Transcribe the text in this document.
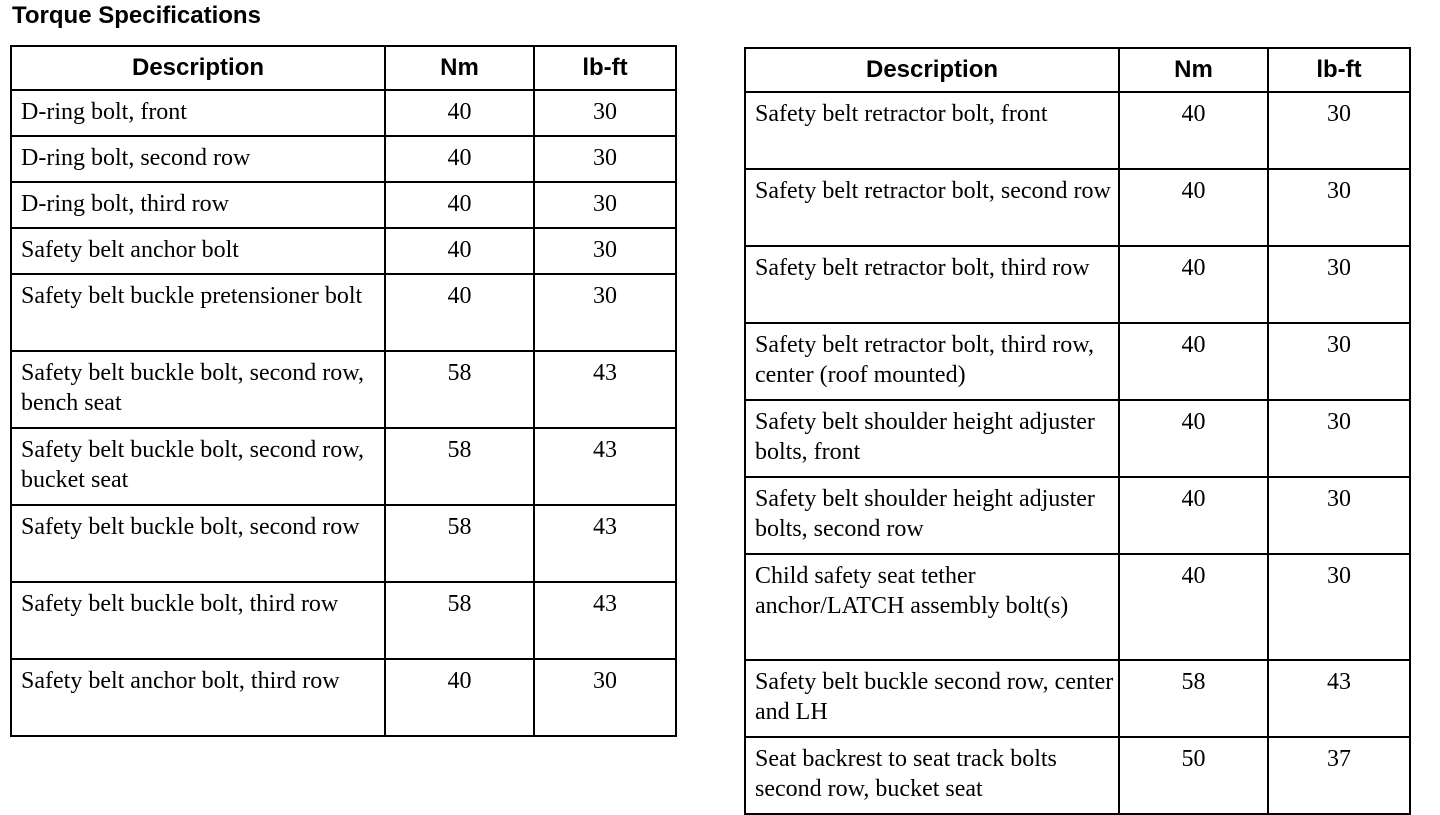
Torque Specifications
Description	Nm	lb-ft
D-ring bolt, front	40	30
D-ring bolt, second row	40	30
D-ring bolt, third row	40	30
Safety belt anchor bolt	40	30
Safety belt buckle pretensioner bolt	40	30
Safety belt buckle bolt, second row, bench seat	58	43
Safety belt buckle bolt, second row, bucket seat	58	43
Safety belt buckle bolt, second row	58	43
Safety belt buckle bolt, third row	58	43
Safety belt anchor bolt, third row	40	30
Description	Nm	lb-ft
Safety belt retractor bolt, front	40	30
Safety belt retractor bolt, second row	40	30
Safety belt retractor bolt, third row	40	30
Safety belt retractor bolt, third row, center (roof mounted)	40	30
Safety belt shoulder height adjuster bolts, front	40	30
Safety belt shoulder height adjuster bolts, second row	40	30
Child safety seat tether anchor/LATCH assembly bolt(s)	40	30
Safety belt buckle second row, center and LH	58	43
Seat backrest to seat track bolts second row, bucket seat	50	37
